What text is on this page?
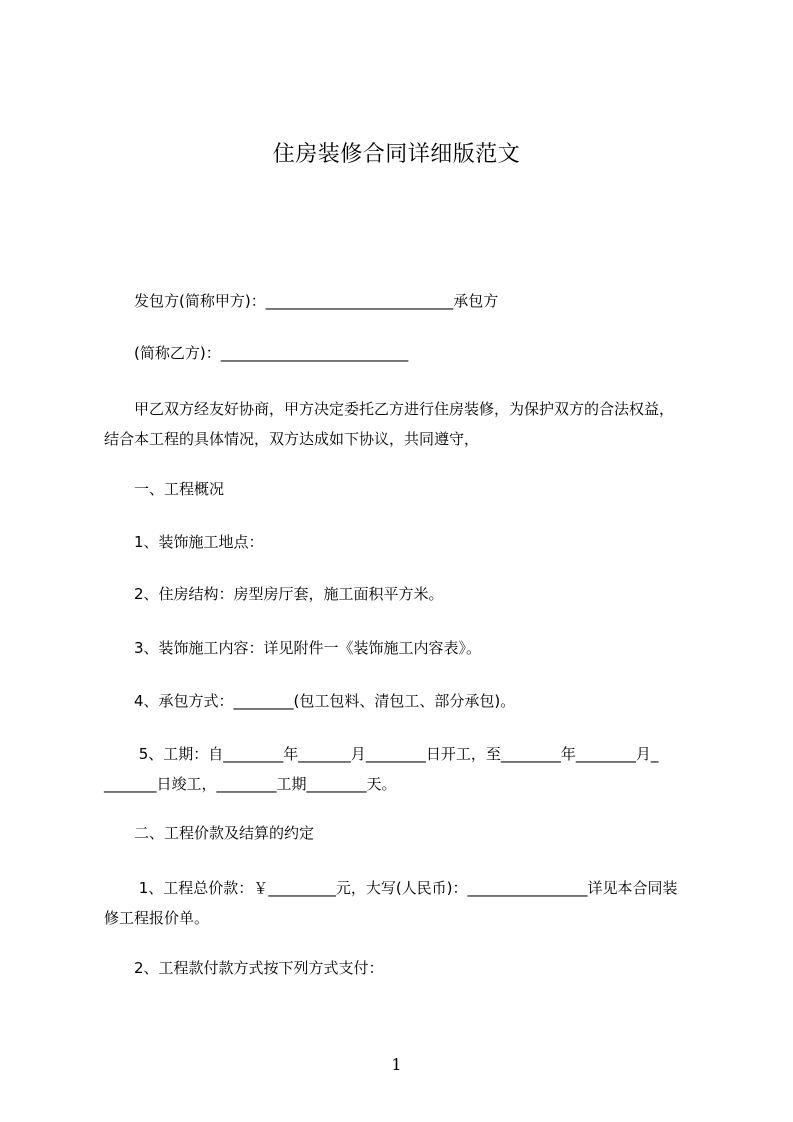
住房装修合同详细版范文
　　发包方(简称甲方)：_________________________承包方
　　(简称乙方)：_________________________
　　甲乙双方经友好协商，甲方决定委托乙方进行住房装修，为保护双方的合法权益，
结合本工程的具体情况，双方达成如下协议，共同遵守，
　　一、工程概况
　　1、装饰施工地点：
　　2、住房结构：房型房厅套，施工面积平方米。
　　3、装饰施工内容：详见附件一《装饰施工内容表》。
　　4、承包方式：________(包工包料、清包工、部分承包)。
　　 5、工期：自________年_______月________日开工，至________年________月_
_______日竣工，________工期________天。
　　二、工程价款及结算的约定
　　 1、工程总价款：￥_________元，大写(人民币)：________________详见本合同装
修工程报价单。
　　2、工程款付款方式按下列方式支付：
1
